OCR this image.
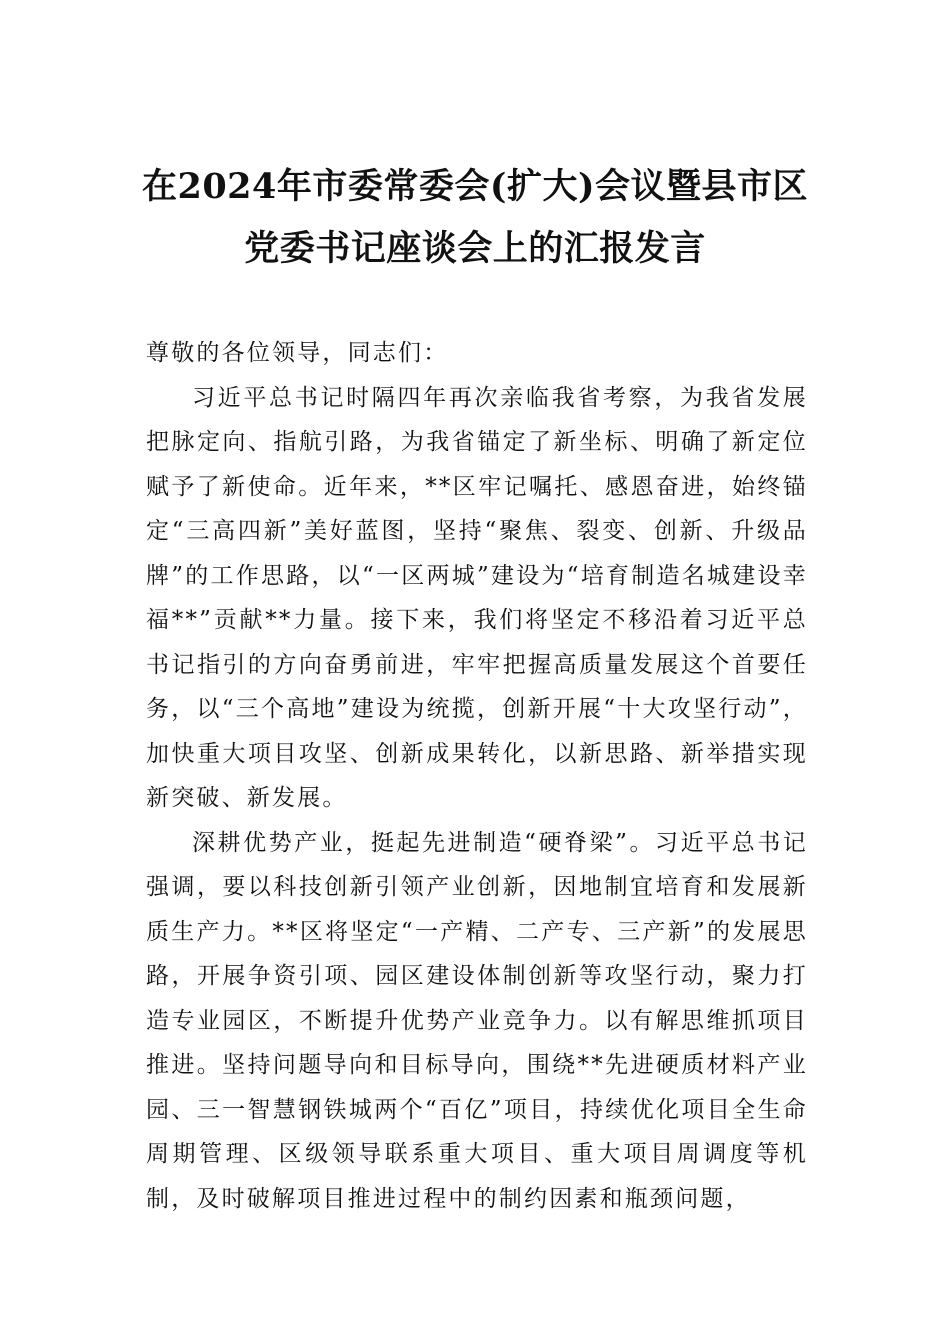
在2024年市委常委会(扩大)会议暨县市区
党委书记座谈会上的汇报发言

尊敬的各位领导，同志们：

习近平总书记时隔四年再次亲临我省考察，为我省发展把脉定向、指航引路，为我省锚定了新坐标、明确了新定位赋予了新使命。近年来，**区牢记嘱托、感恩奋进，始终锚定“三高四新”美好蓝图，坚持“聚焦、裂变、创新、升级品牌”的工作思路，以“一区两城”建设为“培育制造名城建设幸福**”贡献**力量。接下来，我们将坚定不移沿着习近平总书记指引的方向奋勇前进，牢牢把握高质量发展这个首要任务，以“三个高地”建设为统揽，创新开展“十大攻坚行动”，加快重大项目攻坚、创新成果转化，以新思路、新举措实现新突破、新发展。

深耕优势产业，挺起先进制造“硬脊梁”。习近平总书记强调，要以科技创新引领产业创新，因地制宜培育和发展新质生产力。**区将坚定“一产精、二产专、三产新”的发展思路，开展争资引项、园区建设体制创新等攻坚行动，聚力打造专业园区，不断提升优势产业竞争力。以有解思维抓项目推进。坚持问题导向和目标导向，围绕**先进硬质材料产业园、三一智慧钢铁城两个“百亿”项目，持续优化项目全生命周期管理、区级领导联系重大项目、重大项目周调度等机制，及时破解项目推进过程中的制约因素和瓶颈问题，
